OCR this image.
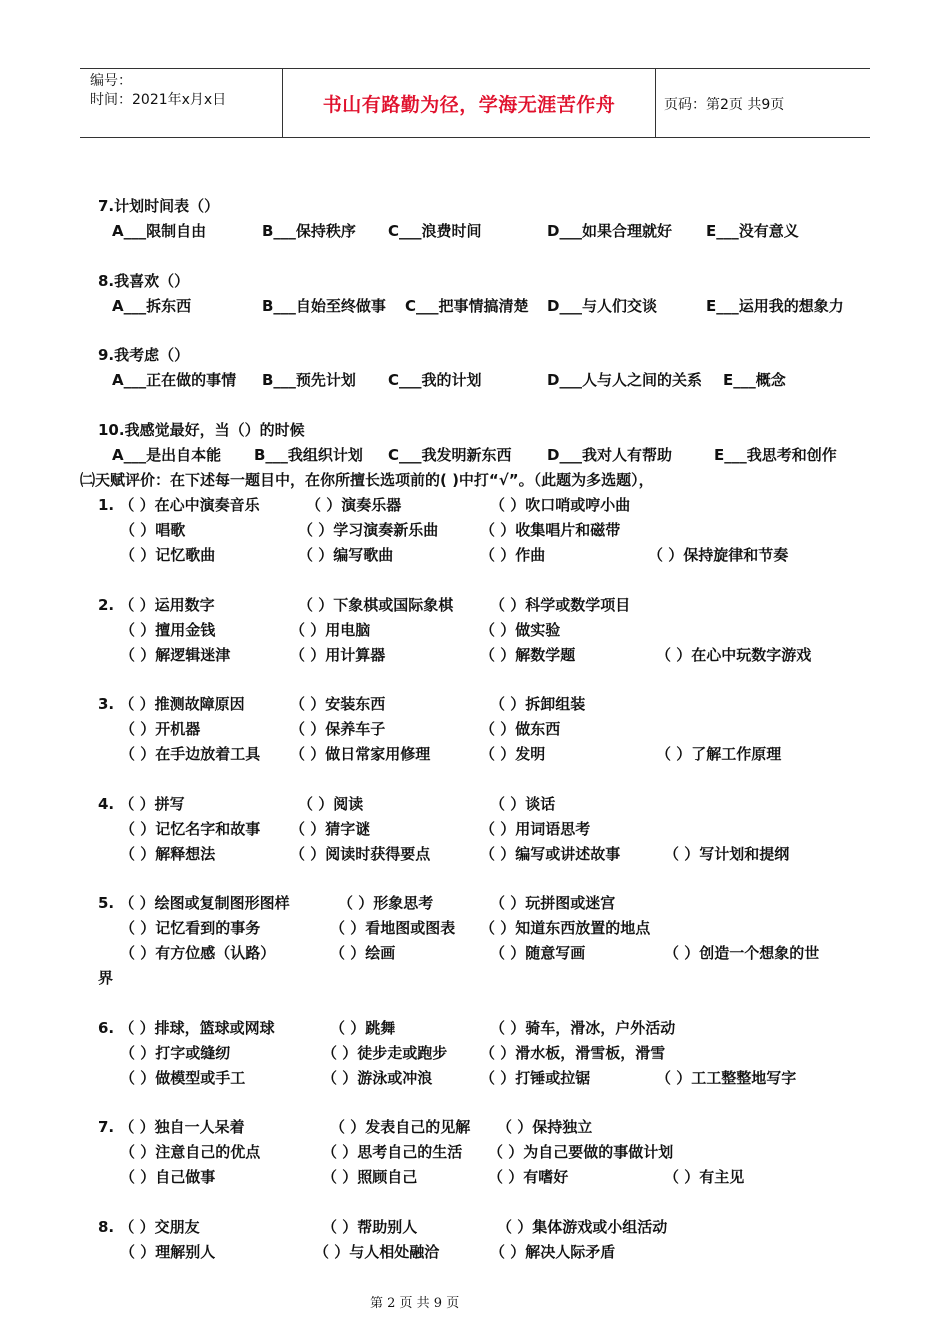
编号：
时间：2021年x月x日	书山有路勤为径，学海无涯苦作舟	页码：第2页 共9页
7.计划时间表（）
A___限制自由	B___保持秩序 C___浪费时间	D___如果合理就好 E___没有意义
8.我喜欢（）
A___拆东西	B___自始至终做事 C___把事情搞清楚 D___与人们交谈	E___运用我的想象力
9.我考虑（）
A___正在做的事情 B___预先计划 C___我的计划	D___人与人之间的关系 E___概念
10.我感觉最好，当（）的时候
A___是出自本能 B___我组织计划 C___我发明新东西 D___我对人有帮助	E___我思考和创作
㈡天赋评价：在下述每一题目中，在你所擅长选项前的( )中打“√”。（此题为多选题），
1. （ ）在心中演奏音乐	（ ）演奏乐器	（ ）吹口哨或哼小曲
（ ）唱歌	（ ）学习演奏新乐曲	（ ）收集唱片和磁带
（ ）记忆歌曲	（ ）编写歌曲	（ ）作曲	（ ）保持旋律和节奏
2. （ ）运用数字	（ ）下象棋或国际象棋 （ ）科学或数学项目
（ ）擅用金钱	（ ）用电脑	（ ）做实验
（ ）解逻辑迷津	（ ）用计算器	（ ）解数学题	（ ）在心中玩数字游戏
3. （ ）推测故障原因	（ ）安装东西	（ ）拆卸组装
（ ）开机器	（ ）保养车子	（ ）做东西
（ ）在手边放着工具 （ ）做日常家用修理	（ ）发明	（ ）了解工作原理
4. （ ）拼写	（ ）阅读	（ ）谈话
（ ）记忆名字和故事 （ ）猜字谜	（ ）用词语思考
（ ）解释想法	（ ）阅读时获得要点	（ ）编写或讲述故事	（ ）写计划和提纲
5. （ ）绘图或复制图形图样	（ ）形象思考	（ ）玩拼图或迷宫
（ ）记忆看到的事务	（ ）看地图或图表 （ ）知道东西放置的地点
（ ）有方位感（认路）	（ ）绘画	（ ）随意写画	（ ）创造一个想象的世
界
6. （ ）排球，篮球或网球	（ ）跳舞	（ ）骑车，滑冰，户外活动
（ ）打字或缝纫	（ ）徒步走或跑步 （ ）滑水板，滑雪板，滑雪
（ ）做模型或手工	（ ）游泳或冲浪	（ ）打锤或拉锯	（ ）工工整整地写字
7. （ ）独自一人呆着	（ ）发表自己的见解 （ ）保持独立
（ ）注意自己的优点	（ ）思考自己的生活 （ ）为自己要做的事做计划
（ ）自己做事	（ ）照顾自己	（ ）有嗜好	（ ）有主见
8. （ ）交朋友	（ ）帮助别人	（ ）集体游戏或小组活动
（ ）理解别人	（ ）与人相处融洽	（ ）解决人际矛盾
第 2 页 共 9 页
